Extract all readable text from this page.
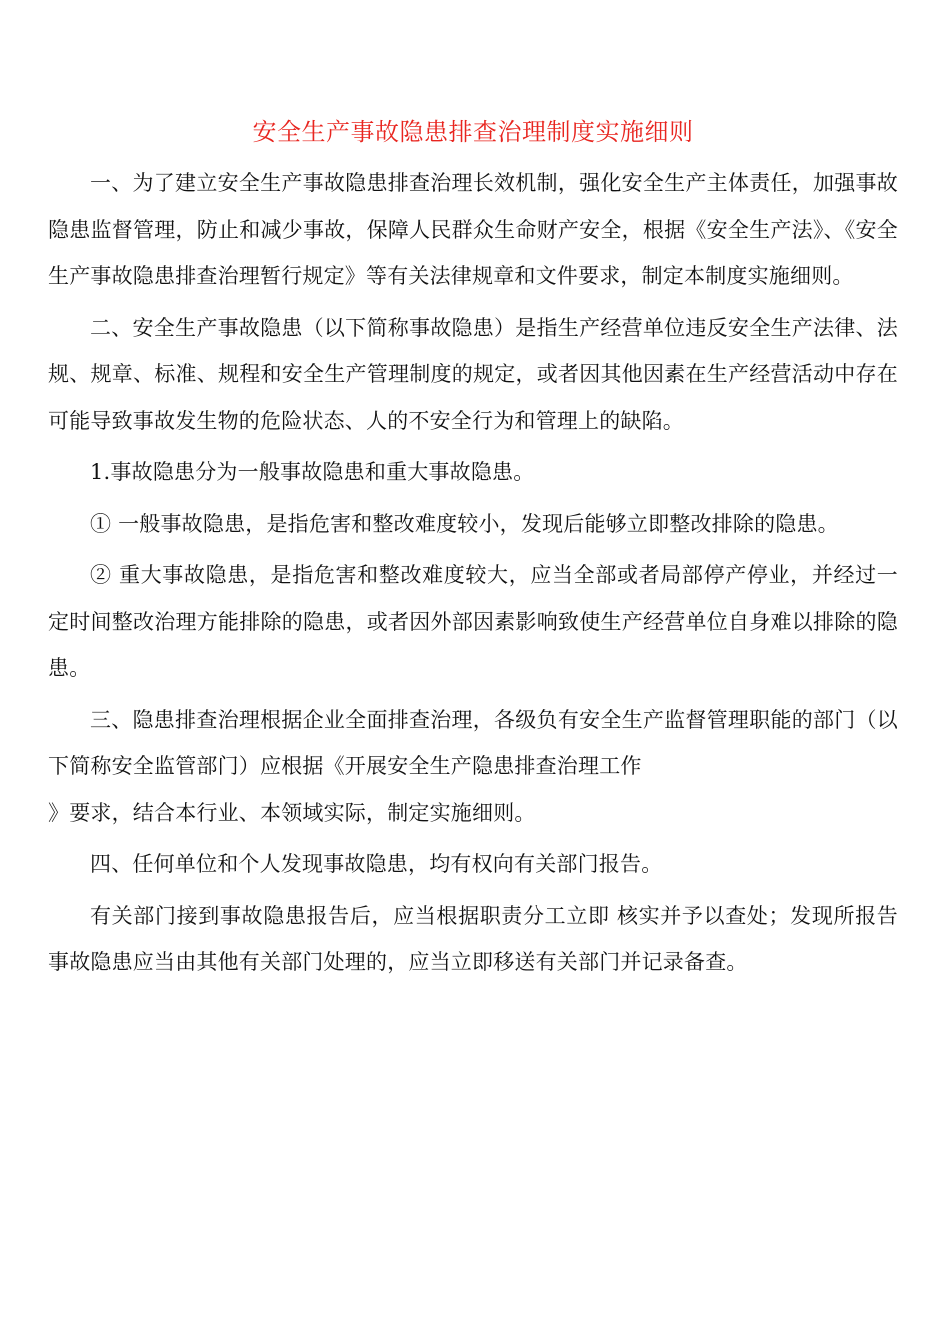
安全生产事故隐患排查治理制度实施细则

一、为了建立安全生产事故隐患排查治理长效机制，强化安全生产主体责任，加强事故隐患监督管理，防止和减少事故，保障人民群众生命财产安全，根据《安全生产法》、《安全生产事故隐患排查治理暂行规定》等有关法律规章和文件要求，制定本制度实施细则。

二、安全生产事故隐患（以下简称事故隐患）是指生产经营单位违反安全生产法律、法规、规章、标准、规程和安全生产管理制度的规定，或者因其他因素在生产经营活动中存在可能导致事故发生物的危险状态、人的不安全行为和管理上的缺陷。

1.事故隐患分为一般事故隐患和重大事故隐患。

① 一般事故隐患，是指危害和整改难度较小，发现后能够立即整改排除的隐患。

② 重大事故隐患，是指危害和整改难度较大，应当全部或者局部停产停业，并经过一定时间整改治理方能排除的隐患，或者因外部因素影响致使生产经营单位自身难以排除的隐患。

三、隐患排查治理根据企业全面排查治理，各级负有安全生产监督管理职能的部门（以下简称安全监管部门）应根据《开展安全生产隐患排查治理工作

》要求，结合本行业、本领域实际，制定实施细则。

四、任何单位和个人发现事故隐患，均有权向有关部门报告。

有关部门接到事故隐患报告后，应当根据职责分工立即 核实并予以查处；发现所报告事故隐患应当由其他有关部门处理的，应当立即移送有关部门并记录备查。
